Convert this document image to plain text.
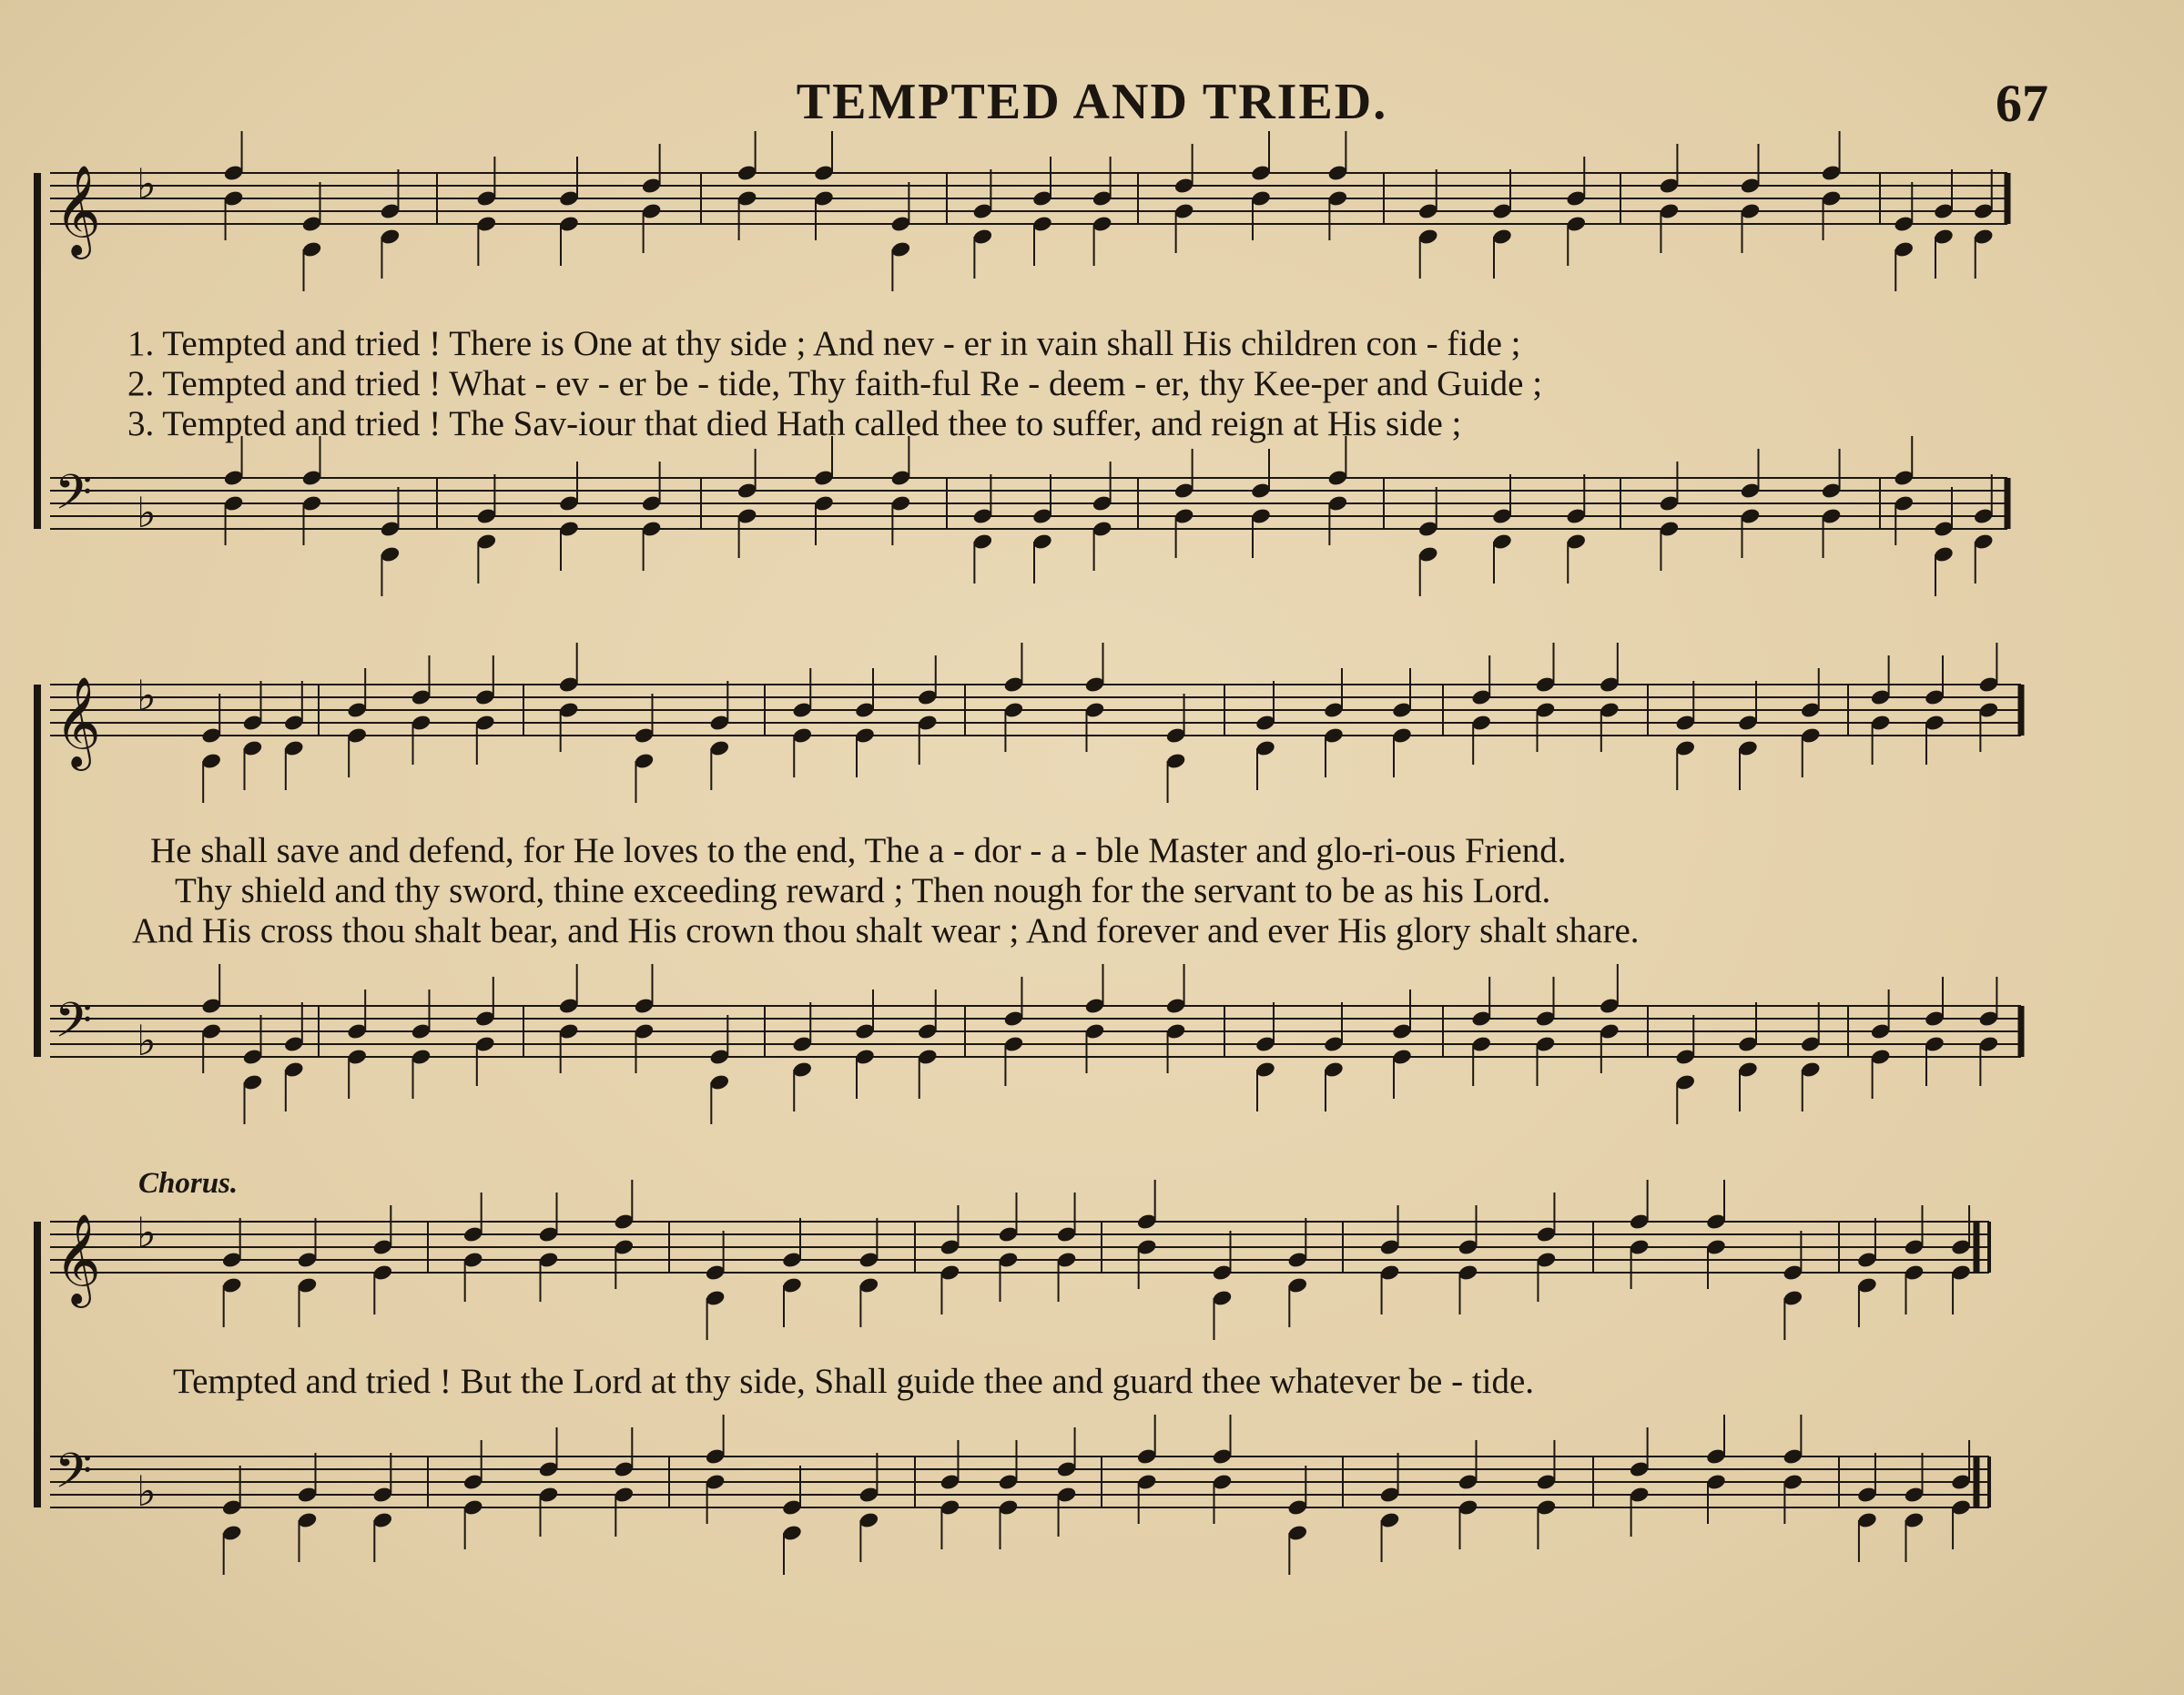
TEMPTED AND TRIED.	67
𝄞 ♭
𝄢 ♭
𝄞 ♭
𝄢 ♭
𝄞 ♭
𝄢 ♭
1. Tempted and tried ! There is One at thy side ; And nev - er in vain shall His children con - fide ;
2. Tempted and tried ! What - ev - er be - tide, Thy faith-ful Re - deem - er, thy Kee-per and Guide ;
3. Tempted and tried ! The Sav-iour that died Hath called thee to suffer, and reign at His side ;
He shall save and defend, for He loves to the end, The a - dor - a - ble Master and glo-ri-ous Friend.
Thy shield and thy sword, thine exceeding reward ; Then nough for the servant to be as his Lord.
And His cross thou shalt bear, and His crown thou shalt wear ; And forever and ever His glory shalt share.
Chorus.
Tempted and tried ! But the Lord at thy side, Shall guide thee and guard thee whatever be - tide.
